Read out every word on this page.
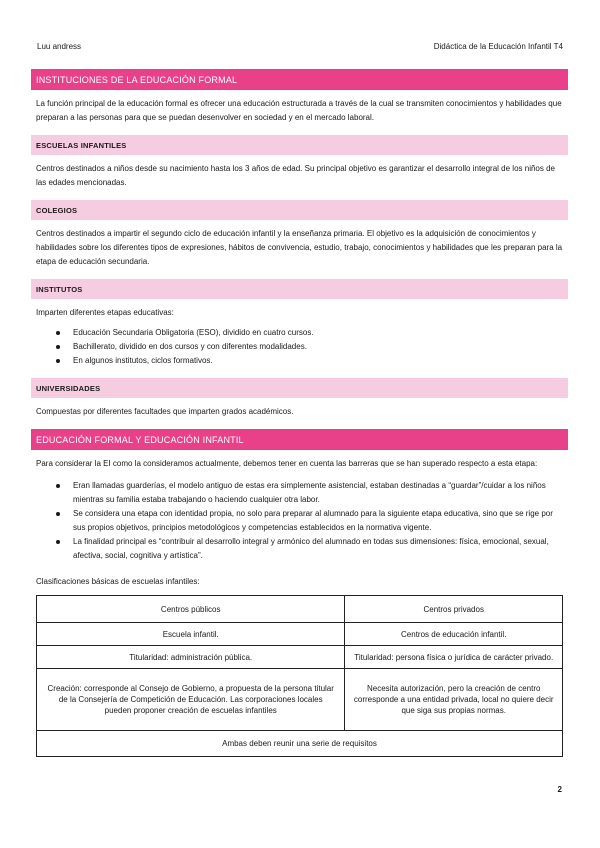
Luu andress	Didáctica de la Educación Infantil T4
INSTITUCIONES DE LA EDUCACIÓN FORMAL

La función principal de la educación formal es ofrecer una educación estructurada a través de la cual se transmiten conocimientos y habilidades que preparan a las personas para que se puedan desenvolver en sociedad y en el mercado laboral.

ESCUELAS INFANTILES

Centros destinados a niños desde su nacimiento hasta los 3 años de edad. Su principal objetivo es garantizar el desarrollo integral de los niños de las edades mencionadas.

COLEGIOS

Centros destinados a impartir el segundo ciclo de educación infantil y la enseñanza primaria. El objetivo es la adquisición de conocimientos y habilidades sobre los diferentes tipos de expresiones, hábitos de convivencia, estudio, trabajo, conocimientos y habilidades que les preparan para la etapa de educación secundaria.

INSTITUTOS

Imparten diferentes etapas educativas:

Educación Secundaria Obligatoria (ESO), dividido en cuatro cursos.
Bachillerato, dividido en dos cursos y con diferentes modalidades.
En algunos institutos, ciclos formativos.
UNIVERSIDADES

Compuestas por diferentes facultades que imparten grados académicos.

EDUCACIÓN FORMAL Y EDUCACIÓN INFANTIL

Para considerar la EI como la consideramos actualmente, debemos tener en cuenta las barreras que se han superado respecto a esta etapa:

Eran llamadas guarderías, el modelo antiguo de estas era simplemente asistencial, estaban destinadas a “guardar”/cuidar a los niños mientras su familia estaba trabajando o haciendo cualquier otra labor.
Se considera una etapa con identidad propia, no solo para preparar al alumnado para la siguiente etapa educativa, sino que se rige por sus propios objetivos, principios metodológicos y competencias establecidos en la normativa vigente.
La finalidad principal es “contribuir al desarrollo integral y armónico del alumnado en todas sus dimensiones: física, emocional, sexual, afectiva, social, cognitiva y artística”.

Clasificaciones básicas de escuelas infantiles:

Centros públicos	Centros privados
Escuela infantil.	Centros de educación infantil.
Titularidad: administración pública.	Titularidad: persona física o jurídica de carácter privado.
Creación: corresponde al Consejo de Gobierno, a propuesta de la persona titular de la Consejería de Competición de Educación. Las corporaciones locales pueden proponer creación de escuelas infantiles	Necesita autorización, pero la creación de centro corresponde a una entidad privada, local no quiere decir que siga sus propias normas.
Ambas deben reunir una serie de requisitos	
2
